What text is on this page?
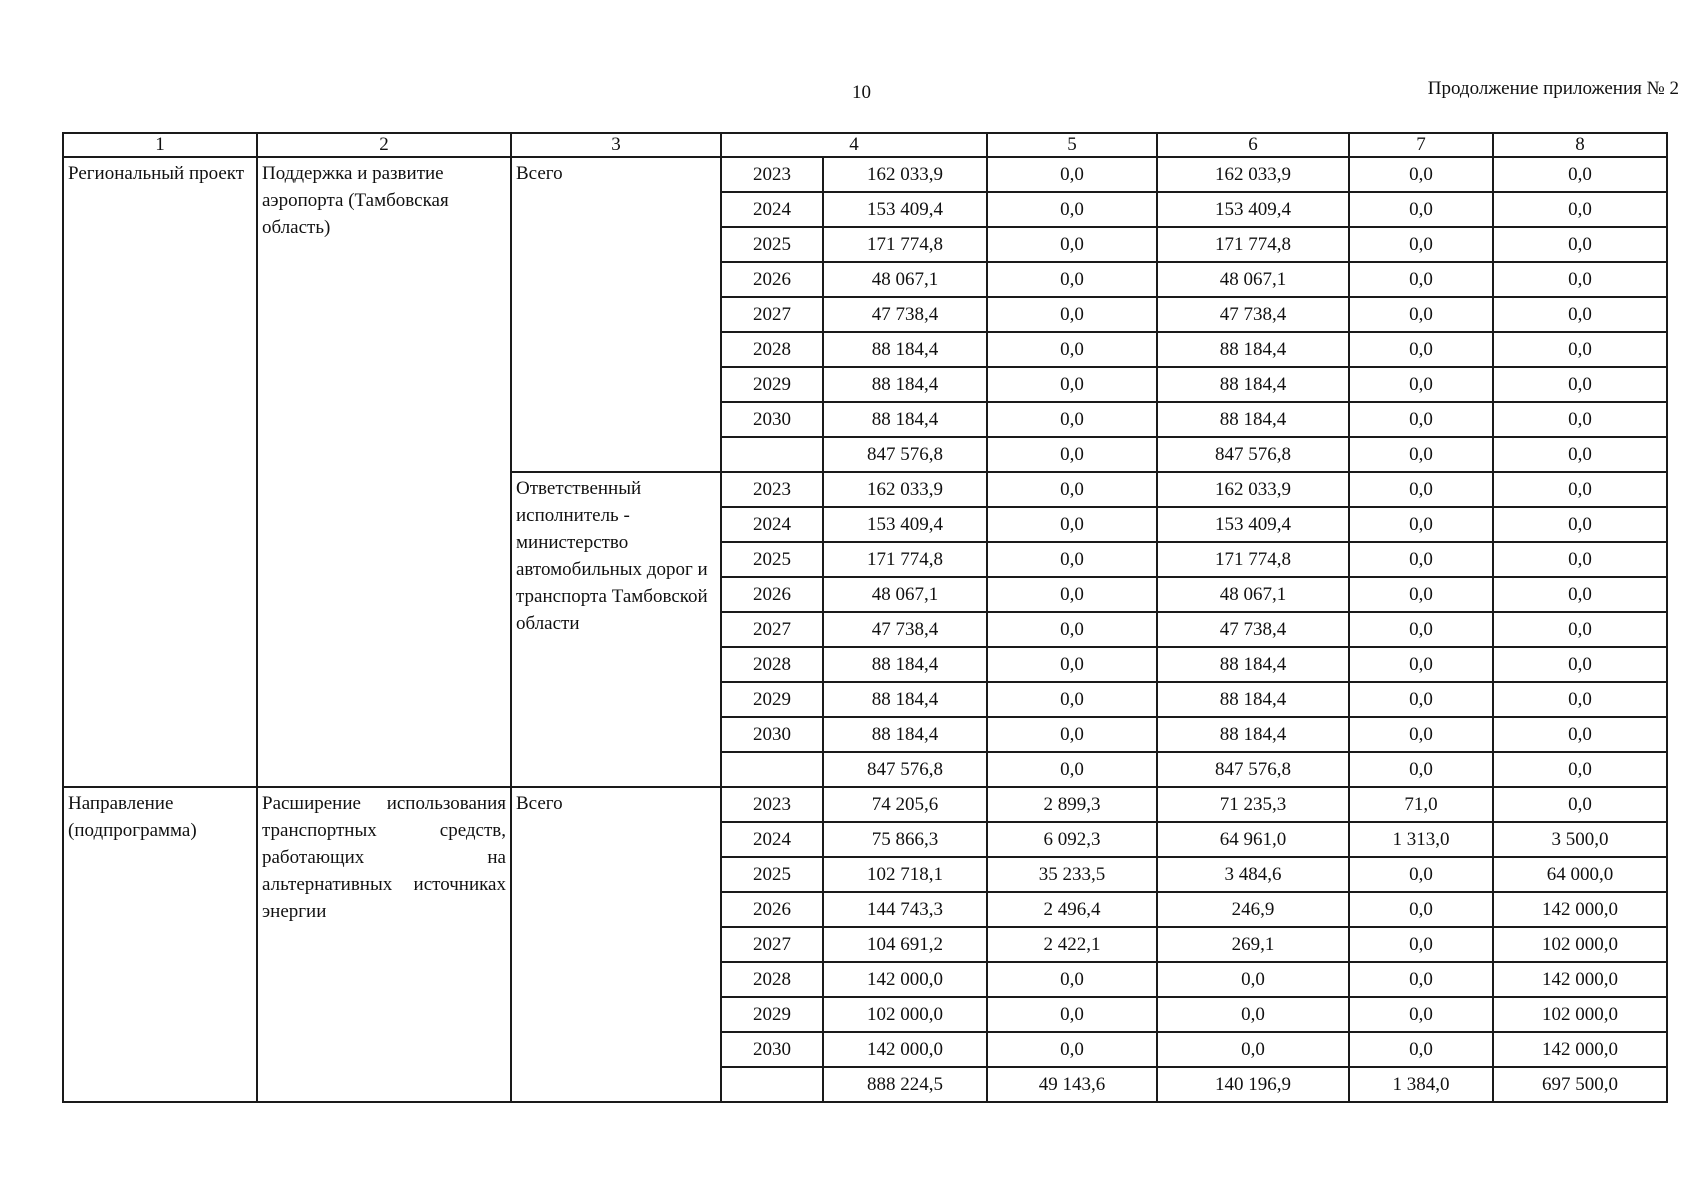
10	Продолжение приложения № 2
1	2	3	4		5	6	7	8
Региональный проект	Поддержка и развитие аэропорта (Тамбовская область)	Всего	2023	162 033,9	0,0	162 033,9	0,0	0,0
			2024	153 409,4	0,0	153 409,4	0,0	0,0
			2025	171 774,8	0,0	171 774,8	0,0	0,0
			2026	48 067,1	0,0	48 067,1	0,0	0,0
			2027	47 738,4	0,0	47 738,4	0,0	0,0
			2028	88 184,4	0,0	88 184,4	0,0	0,0
			2029	88 184,4	0,0	88 184,4	0,0	0,0
			2030	88 184,4	0,0	88 184,4	0,0	0,0
				847 576,8	0,0	847 576,8	0,0	0,0
		Ответственный исполнитель - министерство автомобильных дорог и транспорта Тамбовской области	2023	162 033,9	0,0	162 033,9	0,0	0,0
			2024	153 409,4	0,0	153 409,4	0,0	0,0
			2025	171 774,8	0,0	171 774,8	0,0	0,0
			2026	48 067,1	0,0	48 067,1	0,0	0,0
			2027	47 738,4	0,0	47 738,4	0,0	0,0
			2028	88 184,4	0,0	88 184,4	0,0	0,0
			2029	88 184,4	0,0	88 184,4	0,0	0,0
			2030	88 184,4	0,0	88 184,4	0,0	0,0
				847 576,8	0,0	847 576,8	0,0	0,0
Направление (подпрограмма)	Расширение использования транспортных средств, работающих на альтернативных источниках энергии	Всего	2023	74 205,6	2 899,3	71 235,3	71,0	0,0
			2024	75 866,3	6 092,3	64 961,0	1 313,0	3 500,0
			2025	102 718,1	35 233,5	3 484,6	0,0	64 000,0
			2026	144 743,3	2 496,4	246,9	0,0	142 000,0
			2027	104 691,2	2 422,1	269,1	0,0	102 000,0
			2028	142 000,0	0,0	0,0	0,0	142 000,0
			2029	102 000,0	0,0	0,0	0,0	102 000,0
			2030	142 000,0	0,0	0,0	0,0	142 000,0
				888 224,5	49 143,6	140 196,9	1 384,0	697 500,0
